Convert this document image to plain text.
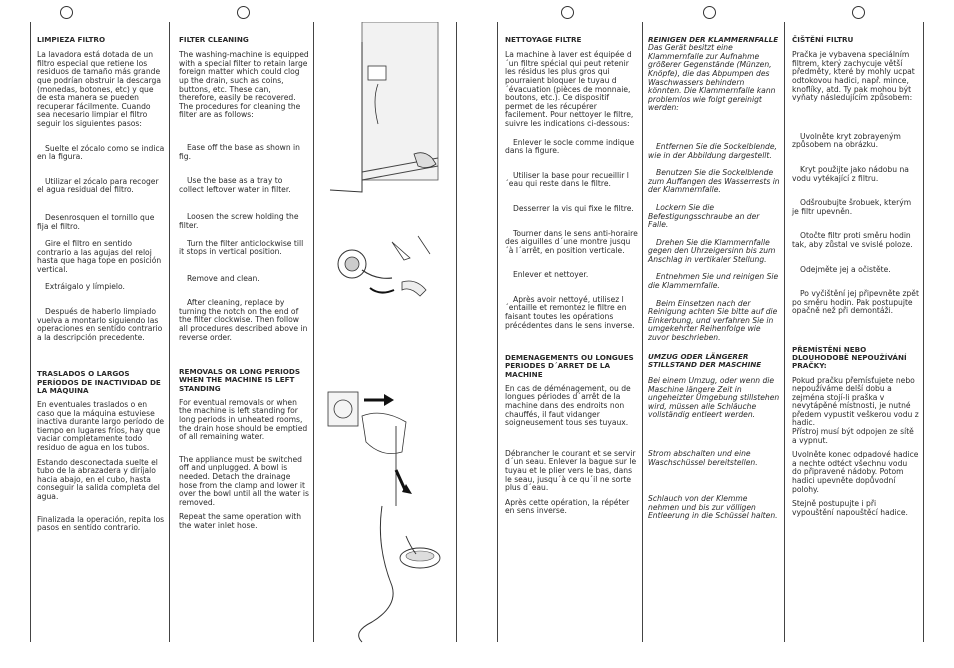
LIMPIEZA FILTRO

La lavadora está dotada de un filtro especial que retiene los residuos de tamaño más grande que podrían obstruir la descarga (monedas, botones, etc) y que de esta manera se pueden recuperar fácilmente. Cuando sea necesario limpiar el filtro seguir los siguientes pasos:

Suelte el zócalo como se indica en la figura.

Utilizar el zócalo para recoger el agua residual del filtro.

Desenrosquen el tornillo que fija el filtro.

Gire el filtro en sentido contrario a las agujas del reloj hasta que haga tope en posición vertical.

Extráigalo y límpielo.

Después de haberlo limpiado vuelva a montarlo siguiendo las operaciones en sentido contrario a la descripción precedente.

TRASLADOS O LARGOS PERÍODOS DE INACTIVIDAD DE LA MÁQUINA

En eventuales traslados o en caso que la máquina estuviese inactiva durante largo período de tiempo en lugares fríos, hay que vaciar completamente todo residuo de agua en los tubos.

Estando desconectada suelte el tubo de la abrazadera y diríjalo hacia abajo, en el cubo, hasta conseguir la salida completa del agua.

Finalizada la operación, repita los pasos en sentido contrario.

FILTER CLEANING

The washing-machine is equipped with a special filter to retain large foreign matter which could clog up the drain, such as coins, buttons, etc. These can, therefore, easily be recovered. The procedures for cleaning the filter are as follows:

Ease off the base as shown in fig.

Use the base as a tray to collect leftover water in filter.

Loosen the screw holding the filter.

Turn the filter anticlockwise till it stops in vertical position.

Remove and clean.

After cleaning, replace by turning the notch on the end of the filter clockwise. Then follow all procedures described above in reverse order.

REMOVALS OR LONG PERIODS WHEN THE MACHINE IS LEFT STANDING

For eventual removals or when the machine is left standing for long periods in unheated rooms, the drain hose should be emptied of all remaining water.

The appliance must be switched off and unplugged. A bowl is needed. Detach the drainage hose from the clamp and lower it over the bowl until all the water is removed.

Repeat the same operation with the water inlet hose.

NETTOYAGE FILTRE

La machine à laver est équipée d´un filtre spécial qui peut retenir les résidus les plus gros qui pourraient bloquer le tuyau d´évacuation (pièces de monnaie, boutons, etc.). Ce dispositif permet de les récupérer facilement. Pour nettoyer le filtre, suivre les indications ci-dessous:

Enlever le socle comme indique dans la figure.

Utiliser la base pour recueillir l´eau qui reste dans le filtre.

Desserrer la vis qui fixe le filtre.

Tourner dans le sens anti-horaire des aiguilles d´une montre jusqu´à l´arrêt, en position verticale.

Enlever et nettoyer.

Après avoir nettoyé, utilisez l´entaille et remontez le filtre en faisant toutes les opérations précédentes dans le sens inverse.

DEMENAGEMENTS OU LONGUES PERIODES D´ARRET DE LA MACHINE

En cas de déménagement, ou de longues périodes d´arrêt de la machine dans des endroits non chauffés, il faut vidanger soigneusement tous ses tuyaux.

Débrancher le courant et se servir d´un seau. Enlever la bague sur le tuyau et le plier vers le bas, dans le seau, jusqu´à ce qu´il ne sorte plus d´eau.

Après cette opération, la répéter en sens inverse.

REINIGEN DER KLAMMERNFALLE

Das Gerät besitzt eine Klammernfalle zur Aufnahme größerer Gegenstände (Münzen, Knöpfe), die das Abpumpen des Waschwassers behindern könnten. Die Klammernfalle kann problemlos wie folgt gereinigt werden:

Entfernen Sie die Sockelblende, wie in der Abbildung dargestellt.

Benutzen Sie die Sockelblende zum Auffangen des Wasserrests in der Klammernfalle.

Lockern Sie die Befestigungsschraube an der Falle.

Drehen Sie die Klammernfalle gegen den Uhrzeigersinn bis zum Anschlag in vertikaler Stellung.

Entnehmen Sie und reinigen Sie die Klammernfalle.

Beim Einsetzen nach der Reinigung achten Sie bitte auf die Einkerbung, und verfahren Sie in umgekehrter Reihenfolge wie zuvor beschrieben.

UMZUG ODER LÄNGERER STILLSTAND DER MASCHINE

Bei einem Umzug, oder wenn die Maschine längere Zeit in ungeheizter Umgebung stillstehen wird, müssen alle Schläuche vollständig entleert werden.

Strom abschalten und eine Waschschüssel bereitstellen.

Schlauch von der Klemme nehmen und bis zur völligen Entleerung in die Schüssel halten.

ČIŠTĚNÍ FILTRU

Pračka je vybavena speciálním filtrem, který zachycuje větší předměty, které by mohly ucpat odtokovou hadici, např. mince, knoflíky, atd. Ty pak mohou být vyňaty následujícím způsobem:

Uvolněte kryt zobrayeným způsobem na obrázku.

Kryt použijte jako nádobu na vodu vytékající z filtru.

Odšroubujte šrobuek, kterým je filtr upevněn.

Otočte filtr proti směru hodin tak, aby zůstal ve svislé poloze.

Odejměte jej a očistěte.

Po vyčištění jej připevněte zpět po směru hodin. Pak postupujte opačně než při demontáži.

PŘEMÍSTĚNÍ NEBO DLOUHODOBĚ NEPOUŽÍVÁNÍ PRAČKY:

Pokud pračku přemísťujete nebo nepoužíváme delší dobu a zejména stojí-li praška v nevytápěné místnosti, je nutné předem vypustit veškerou vodu z hadic.

Přístroj musí být odpojen ze sítě a vypnut.

Uvolněte konec odpadové hadice a nechte odtéct všechnu vodu do připravené nádoby. Potom hadici upevněte dopůvodní polohy.

Stejně postupujte i při vypouštění napouštěcí hadice.
